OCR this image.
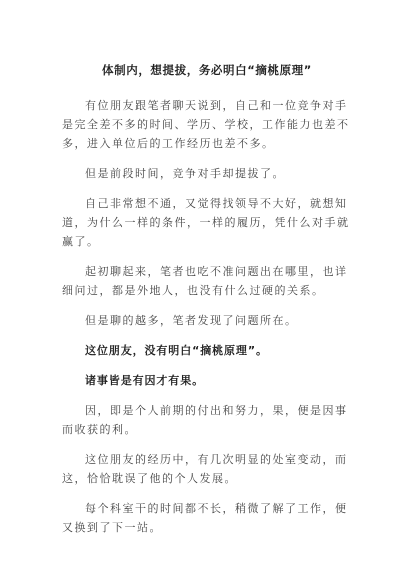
体制内，想提拔，务必明白“摘桃原理”

有位朋友跟笔者聊天说到，自己和一位竞争对手是完全差不多的时间、学历、学校，工作能力也差不多，进入单位后的工作经历也差不多。

但是前段时间，竞争对手却提拔了。

自己非常想不通，又觉得找领导不大好，就想知道，为什么一样的条件，一样的履历，凭什么对手就赢了。

起初聊起来，笔者也吃不准问题出在哪里，也详细问过，都是外地人，也没有什么过硬的关系。

但是聊的越多，笔者发现了问题所在。

这位朋友，没有明白“摘桃原理”。

诸事皆是有因才有果。

因，即是个人前期的付出和努力，果，便是因事而收获的利。

这位朋友的经历中，有几次明显的处室变动，而这，恰恰耽误了他的个人发展。

每个科室干的时间都不长，稍微了解了工作，便又换到了下一站。
